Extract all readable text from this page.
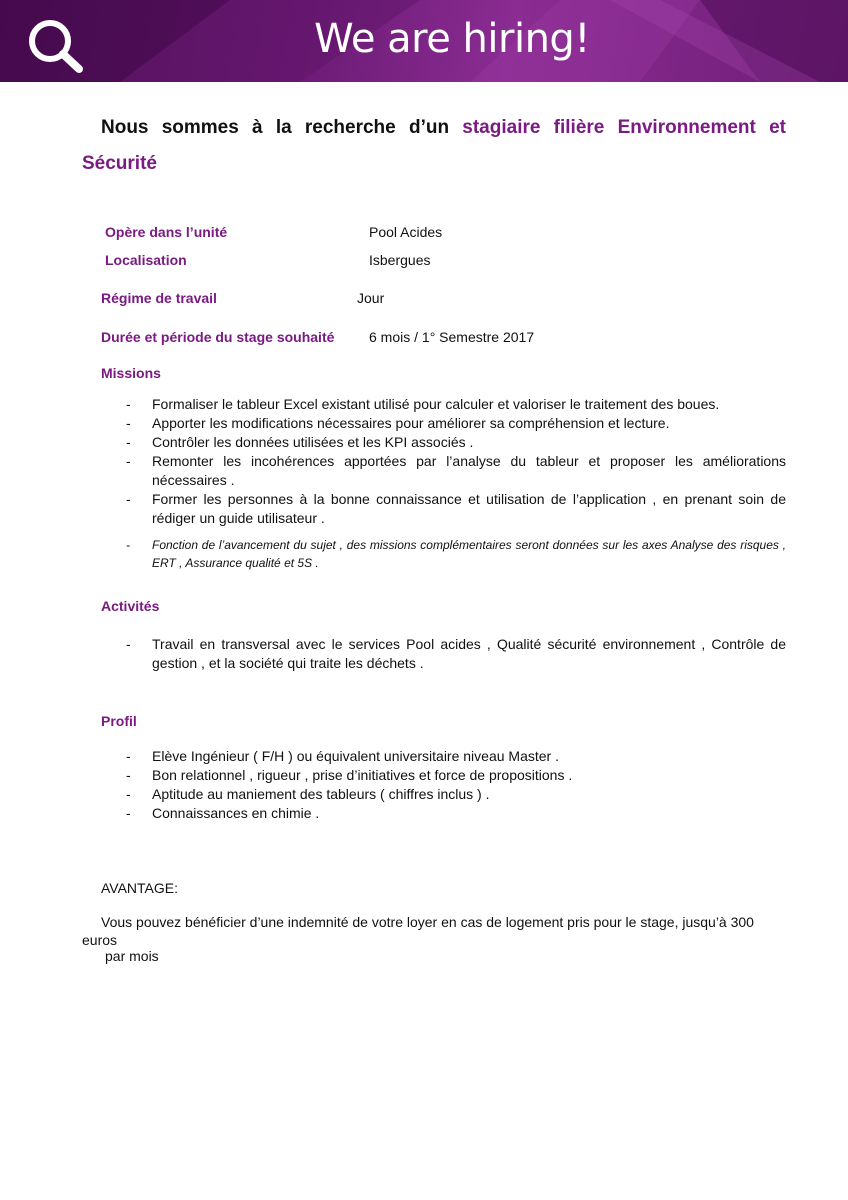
We are hiring!
Nous sommes à la recherche d’un stagiaire filière Environnement et Sécurité
Opère dans l’unité	Pool Acides
Localisation	Isbergues
Régime de travail	Jour
Durée et période du stage souhaité 6 mois / 1° Semestre 2017
Missions
- Formaliser le tableur Excel existant utilisé pour calculer et valoriser le traitement des boues.
- Apporter les modifications nécessaires pour améliorer sa compréhension et lecture.
- Contrôler les données utilisées et les KPI associés .
- Remonter les incohérences apportées par l’analyse du tableur et proposer les améliorations nécessaires .
- Former les personnes à la bonne connaissance et utilisation de l’application , en prenant soin de rédiger un guide utilisateur .
- Fonction de l’avancement du sujet , des missions complémentaires seront données sur les axes Analyse des risques , ERT , Assurance qualité et 5S .
Activités
- Travail en transversal avec le services Pool acides , Qualité sécurité environnement , Contrôle de gestion , et la société qui traite les déchets .
Profil
- Elève Ingénieur ( F/H ) ou équivalent universitaire niveau Master .
- Bon relationnel , rigueur , prise d’initiatives et force de propositions .
- Aptitude au maniement des tableurs ( chiffres inclus ) .
- Connaissances en chimie .
AVANTAGE:
Vous pouvez bénéficier d’une indemnité de votre loyer en cas de logement pris pour le stage, jusqu’à 300
euros
par mois
